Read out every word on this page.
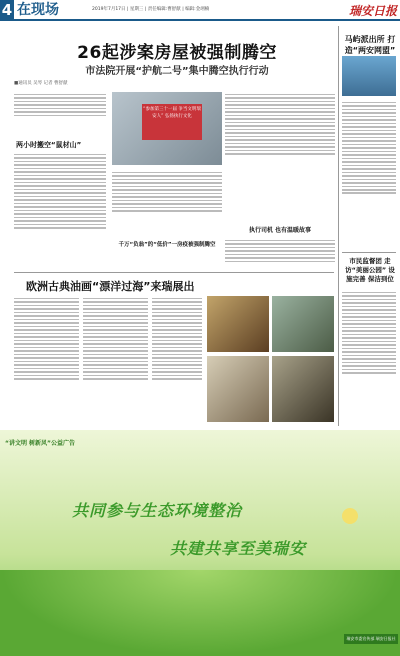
4 在现场	2019年7月17日 | 星期三 | 责任编辑:曹舒献 | 编辑:金翊楠	瑞安日报
26起涉案房屋被强制腾空
市法院开展“护航二号”集中腾空执行行动
■通讯员 吴琴 记者 曹舒献
“参加第三十一届 争当文明瑞安人” 弘扬执行文化
两小时搬空“鼠材山”
千万“负翁”的“低价”一房疫被强制腾空
执行司机 也有温暖故事
马屿派出所 打造“两安网盟”
市民监督团 走访“美丽公园” 设施完善 保洁到位
欧洲古典油画“漂洋过海”来瑞展出
“讲文明 树新风”公益广告
共同参与生态环境整治
共建共享至美瑞安
瑞安市委宣传部 瑞安日报社
